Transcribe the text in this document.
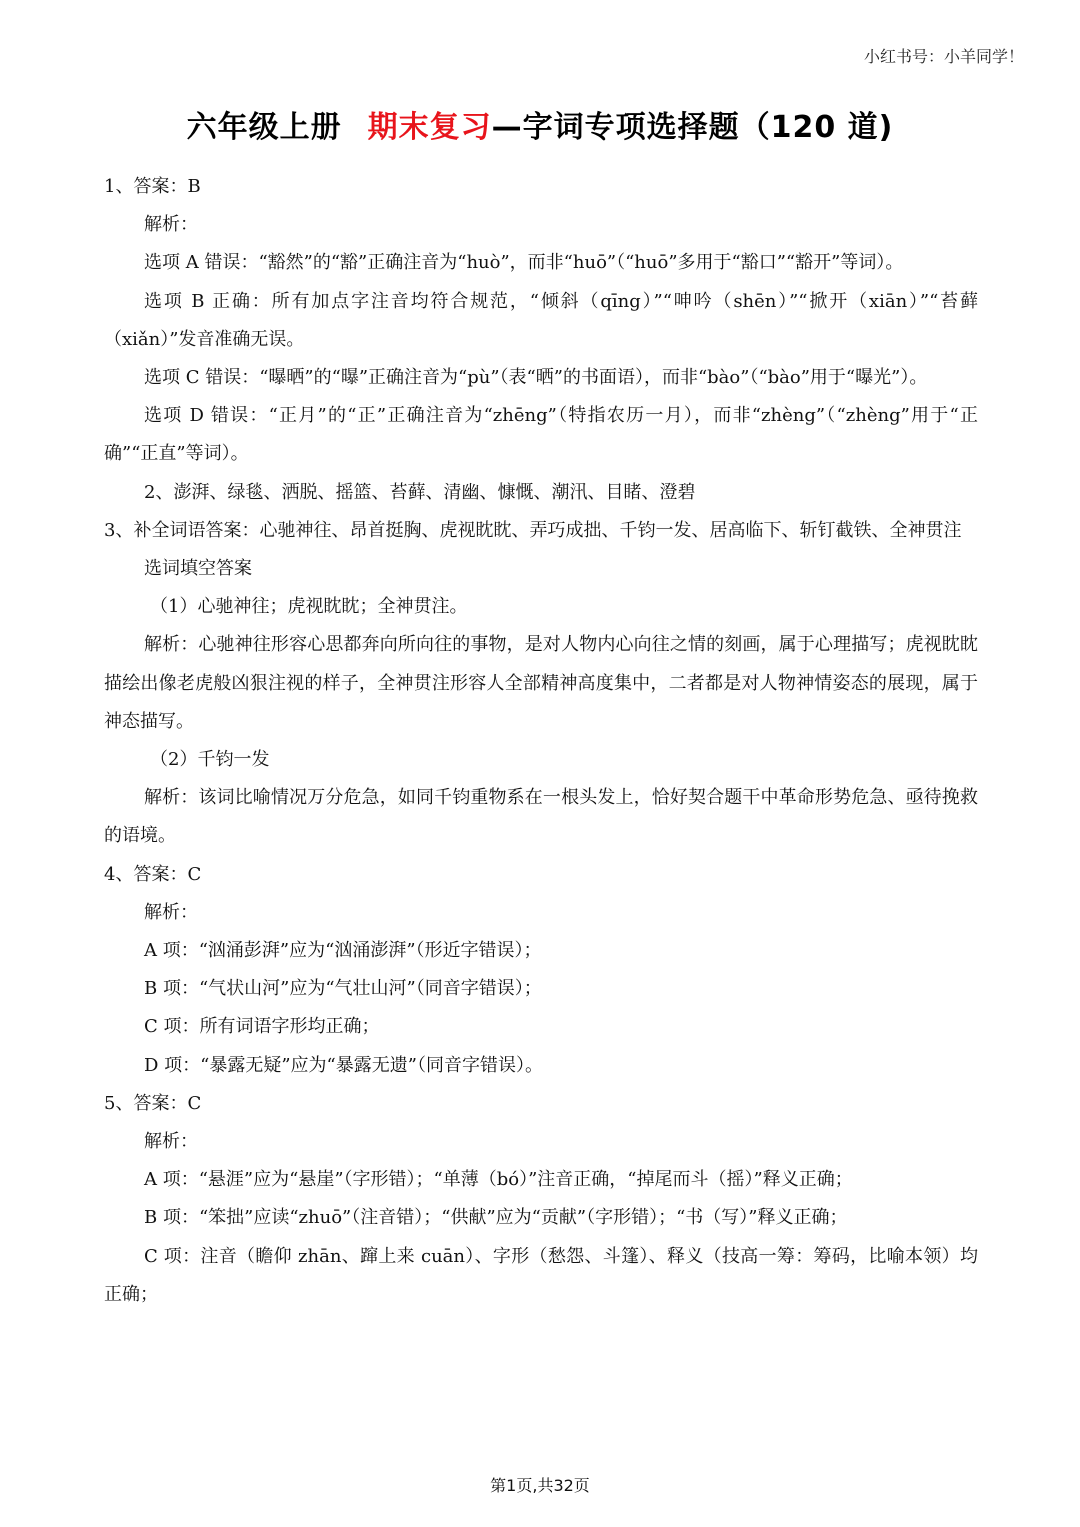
小红书号：小羊同学！
六年级上册 期末复习—字词专项选择题（120 道)

1、答案：B

解析：

选项 A 错误：“豁然”的“豁”正确注音为“huò”，而非“huō”（“huō”多用于“豁口”“豁开”等词）。

选项 B 正确：所有加点字注音均符合规范，“倾斜（qīng）”“呻吟（shēn）”“掀开（xiān）”“苔藓（xiǎn）”发音准确无误。

选项 C 错误：“曝晒”的“曝”正确注音为“pù”（表“晒”的书面语），而非“bào”（“bào”用于“曝光”）。

选项 D 错误：“正月”的“正”正确注音为“zhēng”（特指农历一月），而非“zhèng”（“zhèng”用于“正确”“正直”等词）。

2、澎湃、绿毯、洒脱、摇篮、苔藓、清幽、慷慨、潮汛、目睹、澄碧

3、补全词语答案：心驰神往、昂首挺胸、虎视眈眈、弄巧成拙、千钧一发、居高临下、斩钉截铁、全神贯注

选词填空答案

（1）心驰神往；虎视眈眈；全神贯注。

解析：心驰神往形容心思都奔向所向往的事物，是对人物内心向往之情的刻画，属于心理描写；虎视眈眈描绘出像老虎般凶狠注视的样子，全神贯注形容人全部精神高度集中，二者都是对人物神情姿态的展现，属于神态描写。

（2）千钧一发

解析：该词比喻情况万分危急，如同千钧重物系在一根头发上，恰好契合题干中革命形势危急、亟待挽救的语境。

4、答案：C

解析：

A 项：“汹涌彭湃”应为“汹涌澎湃”（形近字错误）；

B 项：“气状山河”应为“气壮山河”（同音字错误）；

C 项：所有词语字形均正确；

D 项：“暴露无疑”应为“暴露无遗”（同音字错误）。

5、答案：C

解析：

A 项：“悬涯”应为“悬崖”（字形错）；“单薄（bó）”注音正确，“掉尾而斗（摇）”释义正确；

B 项：“笨拙”应读“zhuō”（注音错）；“供献”应为“贡献”（字形错）；“书（写）”释义正确；

C 项：注音（瞻仰 zhān、蹿上来 cuān）、字形（愁怨、斗篷）、释义（技高一筹：筹码，比喻本领）均正确；

第1页,共32页
